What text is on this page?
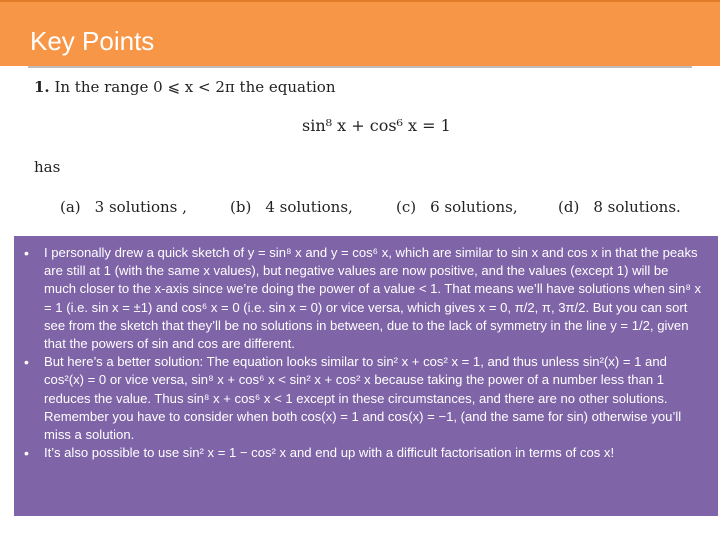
Key Points
1. In the range 0 ⩽ x < 2π the equation
sin⁸ x + cos⁶ x = 1
has
(a) 3 solutions ,	(b) 4 solutions,	(c) 6 solutions,	(d) 8 solutions.
• I personally drew a quick sketch of y = sin⁸ x and y = cos⁶ x, which are similar to sin x and cos x in that the peaks are still at 1 (with the same x values), but negative values are now positive, and the values (except 1) will be much closer to the x-axis since we’re doing the power of a value < 1. That means we’ll have solutions when sin⁸ x = 1 (i.e. sin x = ±1) and cos⁶ x = 0 (i.e. sin x = 0) or vice versa, which gives x = 0, π/2, π, 3π/2. But you can sort see from the sketch that they’ll be no solutions in between, due to the lack of symmetry in the line y = 1/2, given that the powers of sin and cos are different.
• But here’s a better solution: The equation looks similar to sin² x + cos² x = 1, and thus unless sin²(x) = 1 and cos²(x) = 0 or vice versa, sin⁸ x + cos⁶ x < sin² x + cos² x because taking the power of a number less than 1 reduces the value. Thus sin⁸ x + cos⁶ x < 1 except in these circumstances, and there are no other solutions. Remember you have to consider when both cos(x) = 1 and cos(x) = −1, (and the same for sin) otherwise you’ll miss a solution.
• It’s also possible to use sin² x = 1 − cos² x and end up with a difficult factorisation in terms of cos x!
